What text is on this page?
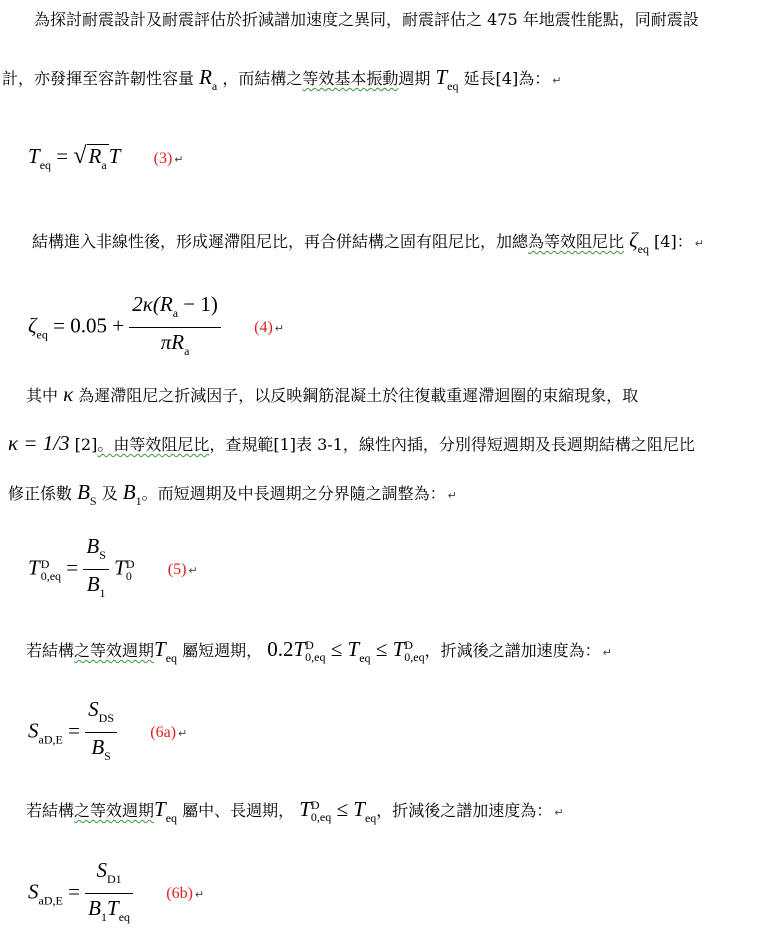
為探討耐震設計及耐震評估於折減譜加速度之異同，耐震評估之 475 年地震性能點，同耐震設
計，亦發揮至容許韌性容量 $R_a$ ，而結構之等效基本振動週期 $T_{eq}$ 延長[4]為： ↵
$T_{eq} = √R_aT$ (3) ↵
結構進入非線性後，形成遲滯阻尼比，再合併結構之固有阻尼比，加總為等效阻尼比 $\zeta_{eq}$ [4]： ↵
$\zeta_{eq} = 0.05 + \frac{2\kappa(R_a - 1)}{\pi R_a} (4)$ ↵
其中 κ 為遲滯阻尼之折減因子，以反映鋼筋混凝土於往復載重遲滯迴圈的束縮現象，取
κ = 1/3 [2]。由等效阻尼比，查規範[1]表 3-1，線性內插，分別得短週期及長週期結構之阻尼比
修正係數 $B_S$ 及 $B_1$。而短週期及中長週期之分界隨之調整為： ↵
T D
$0,eq = \frac{B_S}{B_1}$ T D
0 (5) ↵
若結構之等效週期$T_{eq}$ 屬短週期， 0.2T D
$0,eq \le T_{eq} \le T$ D
0,eq ，折減後之譜加速度為： ↵
$S_{aD,E} = \frac{S_{DS}}{B_S} (6a)$ ↵
若結構之等效週期$T_{eq}$ 屬中、長週期， T D
$0,eq \le T_{eq}$，折減後之譜加速度為： ↵
$S_{aD,E} = \frac{S_{D1}}{B_1T_{eq}} (6b)$ ↵
